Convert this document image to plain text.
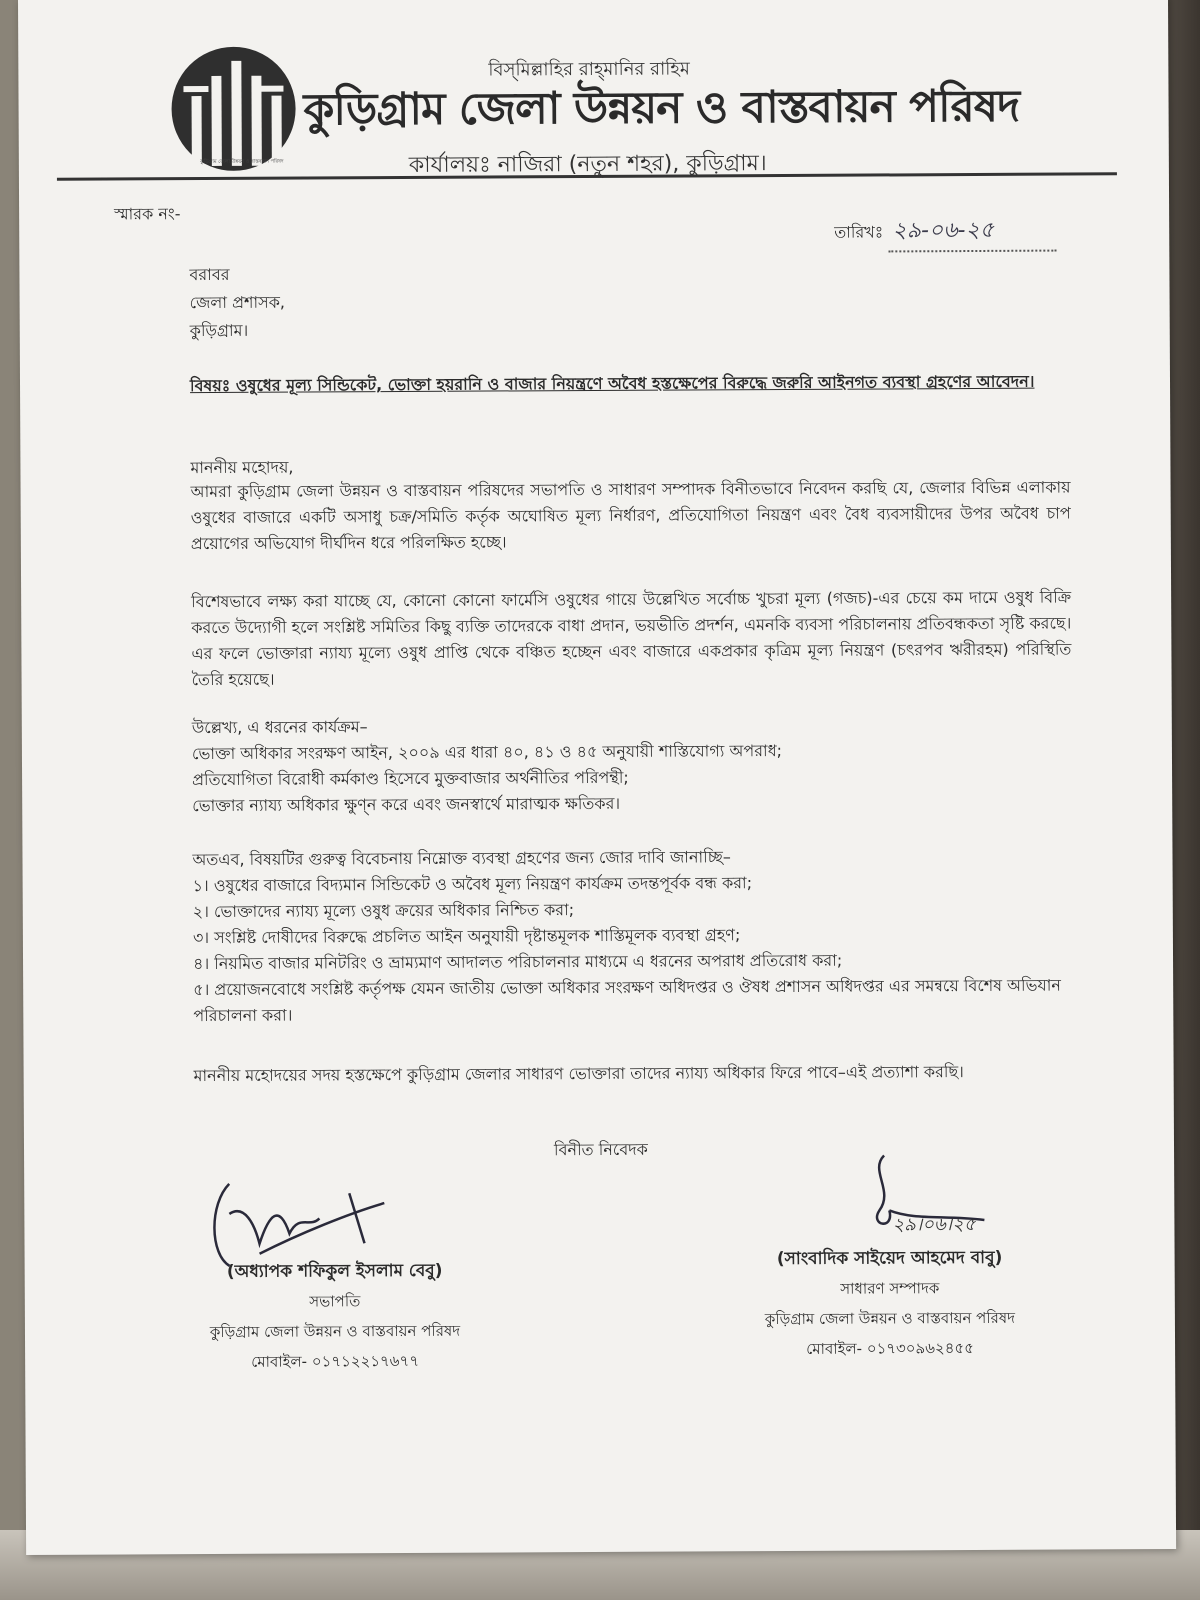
কুড়িগ্রাম জেলা উন্নয়ন ও বাস্তবায়ন পরিষদ
বিস্‌মিল্লাহির রাহ্‌মানির রাহিম
কুড়িগ্রাম জেলা উন্নয়ন ও বাস্তবায়ন পরিষদ
কার্যালয়ঃ নাজিরা (নতুন শহর), কুড়িগ্রাম।
স্মারক নং-
তারিখঃ ২৯-০৬-২৫
বরাবর
জেলা প্রশাসক,
কুড়িগ্রাম।
বিষয়ঃ ওষুধের মূল্য সিন্ডিকেট, ভোক্তা হয়রানি ও বাজার নিয়ন্ত্রণে অবৈধ হস্তক্ষেপের বিরুদ্ধে জরুরি আইনগত ব্যবস্থা গ্রহণের আবেদন।
মাননীয় মহোদয়,
আমরা কুড়িগ্রাম জেলা উন্নয়ন ও বাস্তবায়ন পরিষদের সভাপতি ও সাধারণ সম্পাদক বিনীতভাবে নিবেদন করছি যে, জেলার বিভিন্ন এলাকায় ওষুধের বাজারে একটি অসাধু চক্র/সমিতি কর্তৃক অঘোষিত মূল্য নির্ধারণ, প্রতিযোগিতা নিয়ন্ত্রণ এবং বৈধ ব্যবসায়ীদের উপর অবৈধ চাপ প্রয়োগের অভিযোগ দীর্ঘদিন ধরে পরিলক্ষিত হচ্ছে।
বিশেষভাবে লক্ষ্য করা যাচ্ছে যে, কোনো কোনো ফার্মেসি ওষুধের গায়ে উল্লেখিত সর্বোচ্চ খুচরা মূল্য (গজচ)-এর চেয়ে কম দামে ওষুধ বিক্রি করতে উদ্যোগী হলে সংশ্লিষ্ট সমিতির কিছু ব্যক্তি তাদেরকে বাধা প্রদান, ভয়ভীতি প্রদর্শন, এমনকি ব্যবসা পরিচালনায় প্রতিবন্ধকতা সৃষ্টি করছে। এর ফলে ভোক্তারা ন্যায্য মূল্যে ওষুধ প্রাপ্তি থেকে বঞ্চিত হচ্ছেন এবং বাজারে একপ্রকার কৃত্রিম মূল্য নিয়ন্ত্রণ (চৎরপব ঋরীরহম) পরিস্থিতি তৈরি হয়েছে।
উল্লেখ্য, এ ধরনের কার্যক্রম–
ভোক্তা অধিকার সংরক্ষণ আইন, ২০০৯ এর ধারা ৪০, ৪১ ও ৪৫ অনুযায়ী শাস্তিযোগ্য অপরাধ;
প্রতিযোগিতা বিরোধী কর্মকাণ্ড হিসেবে মুক্তবাজার অর্থনীতির পরিপন্থী;
ভোক্তার ন্যায্য অধিকার ক্ষুণ্ন করে এবং জনস্বার্থে মারাত্মক ক্ষতিকর।
অতএব, বিষয়টির গুরুত্ব বিবেচনায় নিম্নোক্ত ব্যবস্থা গ্রহণের জন্য জোর দাবি জানাচ্ছি–
১। ওষুধের বাজারে বিদ্যমান সিন্ডিকেট ও অবৈধ মূল্য নিয়ন্ত্রণ কার্যক্রম তদন্তপূর্বক বন্ধ করা;
২। ভোক্তাদের ন্যায্য মূল্যে ওষুধ ক্রয়ের অধিকার নিশ্চিত করা;
৩। সংশ্লিষ্ট দোষীদের বিরুদ্ধে প্রচলিত আইন অনুযায়ী দৃষ্টান্তমূলক শাস্তিমূলক ব্যবস্থা গ্রহণ;
৪। নিয়মিত বাজার মনিটরিং ও ভ্রাম্যমাণ আদালত পরিচালনার মাধ্যমে এ ধরনের অপরাধ প্রতিরোধ করা;
৫। প্রয়োজনবোধে সংশ্লিষ্ট কর্তৃপক্ষ যেমন জাতীয় ভোক্তা অধিকার সংরক্ষণ অধিদপ্তর ও ঔষধ প্রশাসন অধিদপ্তর এর সমন্বয়ে বিশেষ অভিযান পরিচালনা করা।
মাননীয় মহোদয়ের সদয় হস্তক্ষেপে কুড়িগ্রাম জেলার সাধারণ ভোক্তারা তাদের ন্যায্য অধিকার ফিরে পাবে–এই প্রত্যাশা করছি।
বিনীত নিবেদক
২৯।০৬।২৫
(অধ্যাপক শফিকুল ইসলাম বেবু)
সভাপতি
কুড়িগ্রাম জেলা উন্নয়ন ও বাস্তবায়ন পরিষদ
মোবাইল- ০১৭১২২১৭৬৭৭
(সাংবাদিক সাইয়েদ আহমেদ বাবু)
সাধারণ সম্পাদক
কুড়িগ্রাম জেলা উন্নয়ন ও বাস্তবায়ন পরিষদ
মোবাইল- ০১৭৩০৯৬২৪৫৫
